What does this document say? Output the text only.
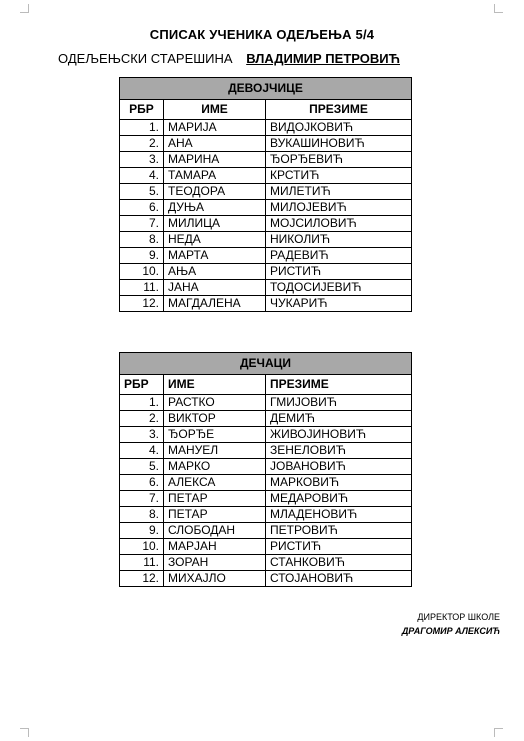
СПИСАК УЧЕНИКА ОДЕЉЕЊА 5/4
ОДЕЉЕЊСКИ СТАРЕШИНА ВЛАДИМИР ПЕТРОВИЋ
ДЕВОЈЧИЦЕ		
РБР	ИМЕ	ПРЕЗИМЕ
1.	МАРИЈА	ВИДОЈКОВИЋ
2.	АНА	ВУКАШИНОВИЋ
3.	МАРИНА	ЂОРЂЕВИЋ
4.	ТАМАРА	КРСТИЋ
5.	ТЕОДОРА	МИЛЕТИЋ
6.	ДУЊА	МИЛОЈЕВИЋ
7.	МИЛИЦА	МОЈСИЛОВИЋ
8.	НЕДА	НИКОЛИЋ
9.	МАРТА	РАДЕВИЋ
10.	АЊА	РИСТИЋ
11.	ЈАНА	ТОДОСИЈЕВИЋ
12.	МАГДАЛЕНА	ЧУКАРИЋ
ДЕЧАЦИ		
РБР	ИМЕ	ПРЕЗИМЕ
1.	РАСТКО	ГМИЈОВИЋ
2.	ВИКТОР	ДЕМИЋ
3.	ЂОРЂЕ	ЖИВОЈИНОВИЋ
4.	МАНУЕЛ	ЗЕНЕЛОВИЋ
5.	МАРКО	ЈОВАНОВИЋ
6.	АЛЕКСА	МАРКОВИЋ
7.	ПЕТАР	МЕДАРОВИЋ
8.	ПЕТАР	МЛАДЕНОВИЋ
9.	СЛОБОДАН	ПЕТРОВИЋ
10.	МАРЈАН	РИСТИЋ
11.	ЗОРАН	СТАНКОВИЋ
12.	МИХАЈЛО	СТОЈАНОВИЋ
ДИРЕКТОР ШКОЛЕ
ДРАГОМИР АЛЕКСИЋ
